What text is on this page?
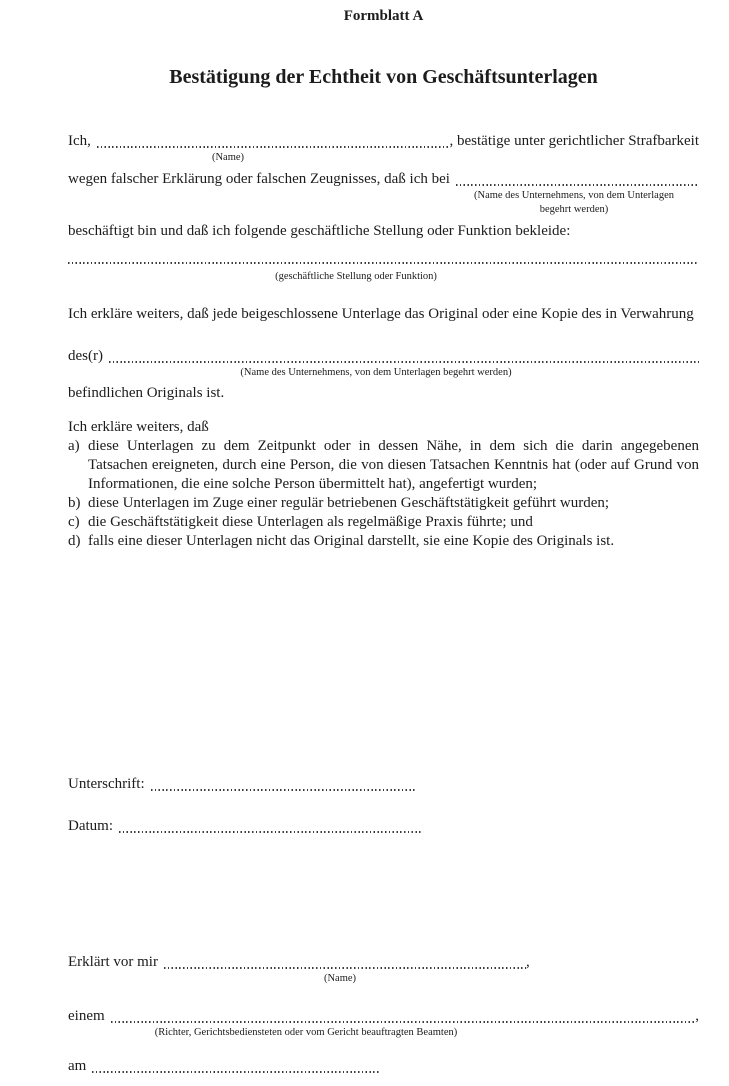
Formblatt A
Bestätigung der Echtheit von Geschäftsunterlagen
Ich,	, bestätige unter gerichtlicher Strafbarkeit
(Name)
wegen falscher Erklärung oder falschen Zeugnisses, daß ich bei
(Name des Unternehmens, von dem Unterlagen
begehrt werden)
beschäftigt bin und daß ich folgende geschäftliche Stellung oder Funktion bekleide:
(geschäftliche Stellung oder Funktion)
Ich erkläre weiters, daß jede beigeschlossene Unterlage das Original oder eine Kopie des in Verwahrung
des(r)
(Name des Unternehmens, von dem Unterlagen begehrt werden)
befindlichen Originals ist.
Ich erkläre weiters, daß
a) diese Unterlagen zu dem Zeitpunkt oder in dessen Nähe, in dem sich die darin angegebenen Tatsachen ereigneten, durch eine Person, die von diesen Tatsachen Kenntnis hat (oder auf Grund von Informationen, die eine solche Person übermittelt hat), angefertigt wurden;
b) diese Unterlagen im Zuge einer regulär betriebenen Geschäftstätigkeit geführt wurden;
c) die Geschäftstätigkeit diese Unterlagen als regelmäßige Praxis führte; und
d) falls eine dieser Unterlagen nicht das Original darstellt, sie eine Kopie des Originals ist.
Unterschrift:
Datum:
Erklärt vor mir	,
(Name)
einem	,
(Richter, Gerichtsbediensteten oder vom Gericht beauftragten Beamten)
am
